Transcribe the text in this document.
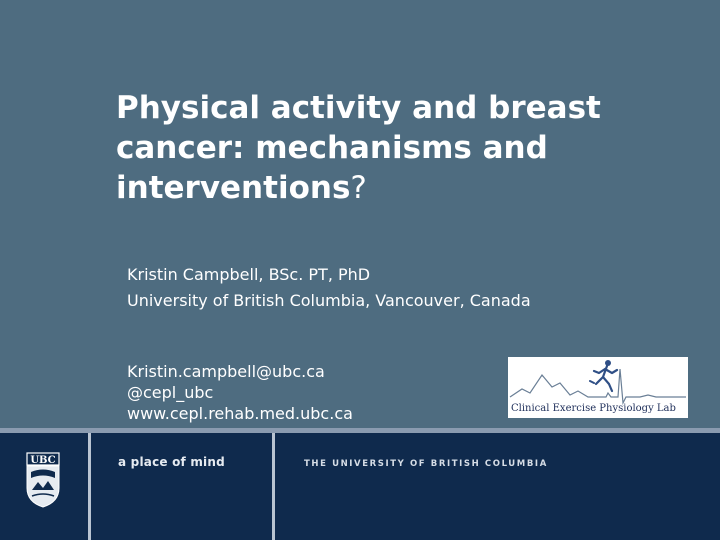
Physical activity and breast cancer: mechanisms and interventions?
Kristin Campbell, BSc. PT, PhD
University of British Columbia, Vancouver, Canada
Kristin.campbell@ubc.ca
@cepl_ubc
www.cepl.rehab.med.ubc.ca	Clinical Exercise Physiology Lab
UBC	a place of mind	THE UNIVERSITY OF BRITISH COLUMBIA
